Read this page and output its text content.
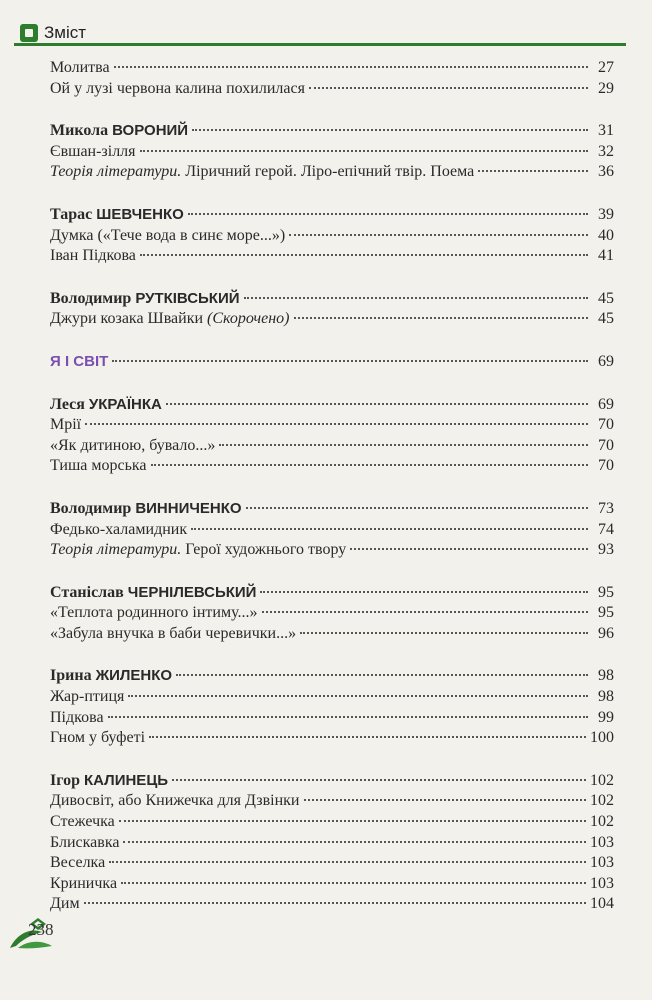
Зміст
Молитва	27
Ой у лузі червона калина похилилася	29
Микола ВОРОНИЙ	31
Євшан-зілля	32
Теорія літератури. Ліричний герой. Ліро-епічний твір. Поема	36
Тарас ШЕВЧЕНКО	39
Думка («Тече вода в синє море...»)	40
Іван Підкова	41
Володимир РУТКІВСЬКИЙ	45
Джури козака Швайки (Скорочено)	45
Я І СВІТ	69
Леся УКРАЇНКА	69
Мрії	70
«Як дитиною, бувало...»	70
Тиша морська	70
Володимир ВИННИЧЕНКО	73
Федько-халамидник	74
Теорія літератури. Герої художнього твору	93
Станіслав ЧЕРНІЛЕВСЬКИЙ	95
«Теплота родинного інтиму...»	95
«Забула внучка в баби черевички...»	96
Ірина ЖИЛЕНКО	98
Жар-птиця	98
Підкова	99
Гном у буфеті	100
Ігор КАЛИНЕЦЬ	102
Дивосвіт, або Книжечка для Дзвінки	102
Стежечка	102
Блискавка	103
Веселка	103
Криничка	103
Дим	104
238
